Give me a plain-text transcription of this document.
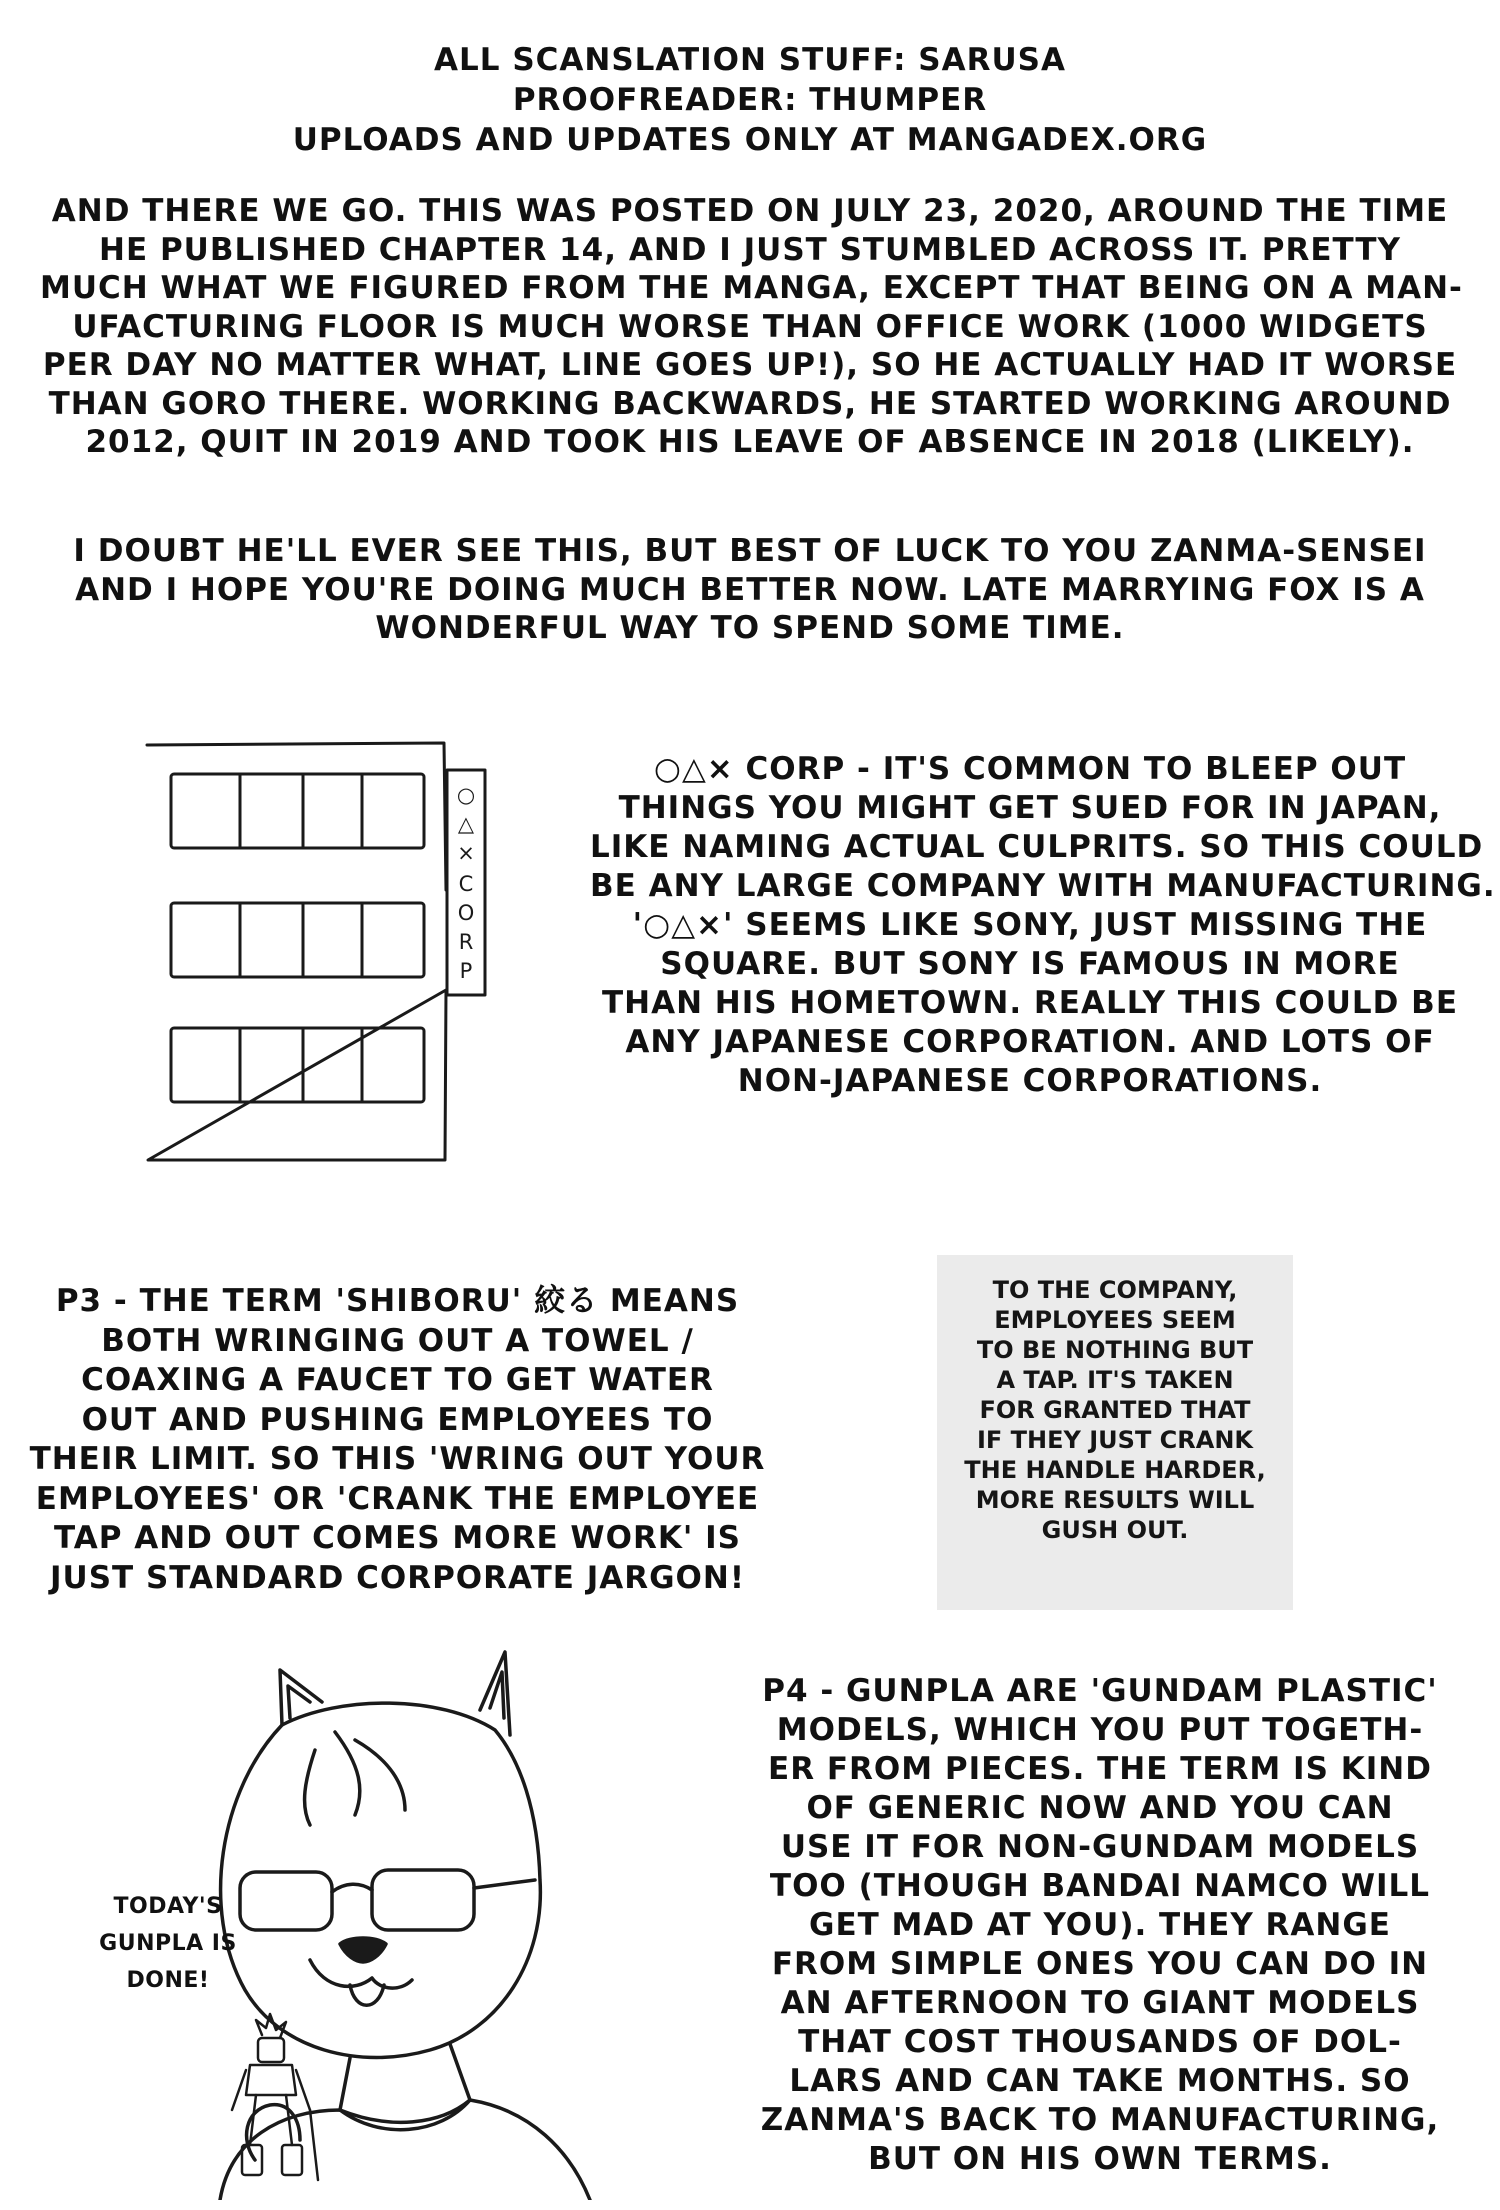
ALL SCANSLATION STUFF: SARUSA
PROOFREADER: THUMPER
UPLOADS AND UPDATES ONLY AT MANGADEX.ORG
AND THERE WE GO. THIS WAS POSTED ON JULY 23, 2020, AROUND THE TIME
HE PUBLISHED CHAPTER 14, AND I JUST STUMBLED ACROSS IT. PRETTY
MUCH WHAT WE FIGURED FROM THE MANGA, EXCEPT THAT BEING ON A MAN-
UFACTURING FLOOR IS MUCH WORSE THAN OFFICE WORK (1000 WIDGETS
PER DAY NO MATTER WHAT, LINE GOES UP!), SO HE ACTUALLY HAD IT WORSE
THAN GORO THERE. WORKING BACKWARDS, HE STARTED WORKING AROUND
2012, QUIT IN 2019 AND TOOK HIS LEAVE OF ABSENCE IN 2018 (LIKELY).
I DOUBT HE'LL EVER SEE THIS, BUT BEST OF LUCK TO YOU ZANMA-SENSEI
AND I HOPE YOU'RE DOING MUCH BETTER NOW. LATE MARRYING FOX IS A
WONDERFUL WAY TO SPEND SOME TIME.
○
△
×
C
O
R
P
○△× CORP - IT'S COMMON TO BLEEP OUT
THINGS YOU MIGHT GET SUED FOR IN JAPAN,
LIKE NAMING ACTUAL CULPRITS. SO THIS COULD
BE ANY LARGE COMPANY WITH MANUFACTURING.
'○△×' SEEMS LIKE SONY, JUST MISSING THE
SQUARE. BUT SONY IS FAMOUS IN MORE
THAN HIS HOMETOWN. REALLY THIS COULD BE
ANY JAPANESE CORPORATION. AND LOTS OF
NON-JAPANESE CORPORATIONS.
P3 - THE TERM 'SHIBORU' 絞る MEANS
BOTH WRINGING OUT A TOWEL /
COAXING A FAUCET TO GET WATER
OUT AND PUSHING EMPLOYEES TO
THEIR LIMIT. SO THIS 'WRING OUT YOUR
EMPLOYEES' OR 'CRANK THE EMPLOYEE
TAP AND OUT COMES MORE WORK' IS
JUST STANDARD CORPORATE JARGON!
TO THE COMPANY,
EMPLOYEES SEEM
TO BE NOTHING BUT
A TAP. IT'S TAKEN
FOR GRANTED THAT
IF THEY JUST CRANK
THE HANDLE HARDER,
MORE RESULTS WILL
GUSH OUT.
TODAY'S
GUNPLA IS
DONE!
P4 - GUNPLA ARE 'GUNDAM PLASTIC'
MODELS, WHICH YOU PUT TOGETH-
ER FROM PIECES. THE TERM IS KIND
OF GENERIC NOW AND YOU CAN
USE IT FOR NON-GUNDAM MODELS
TOO (THOUGH BANDAI NAMCO WILL
GET MAD AT YOU). THEY RANGE
FROM SIMPLE ONES YOU CAN DO IN
AN AFTERNOON TO GIANT MODELS
THAT COST THOUSANDS OF DOL-
LARS AND CAN TAKE MONTHS. SO
ZANMA'S BACK TO MANUFACTURING,
BUT ON HIS OWN TERMS.
